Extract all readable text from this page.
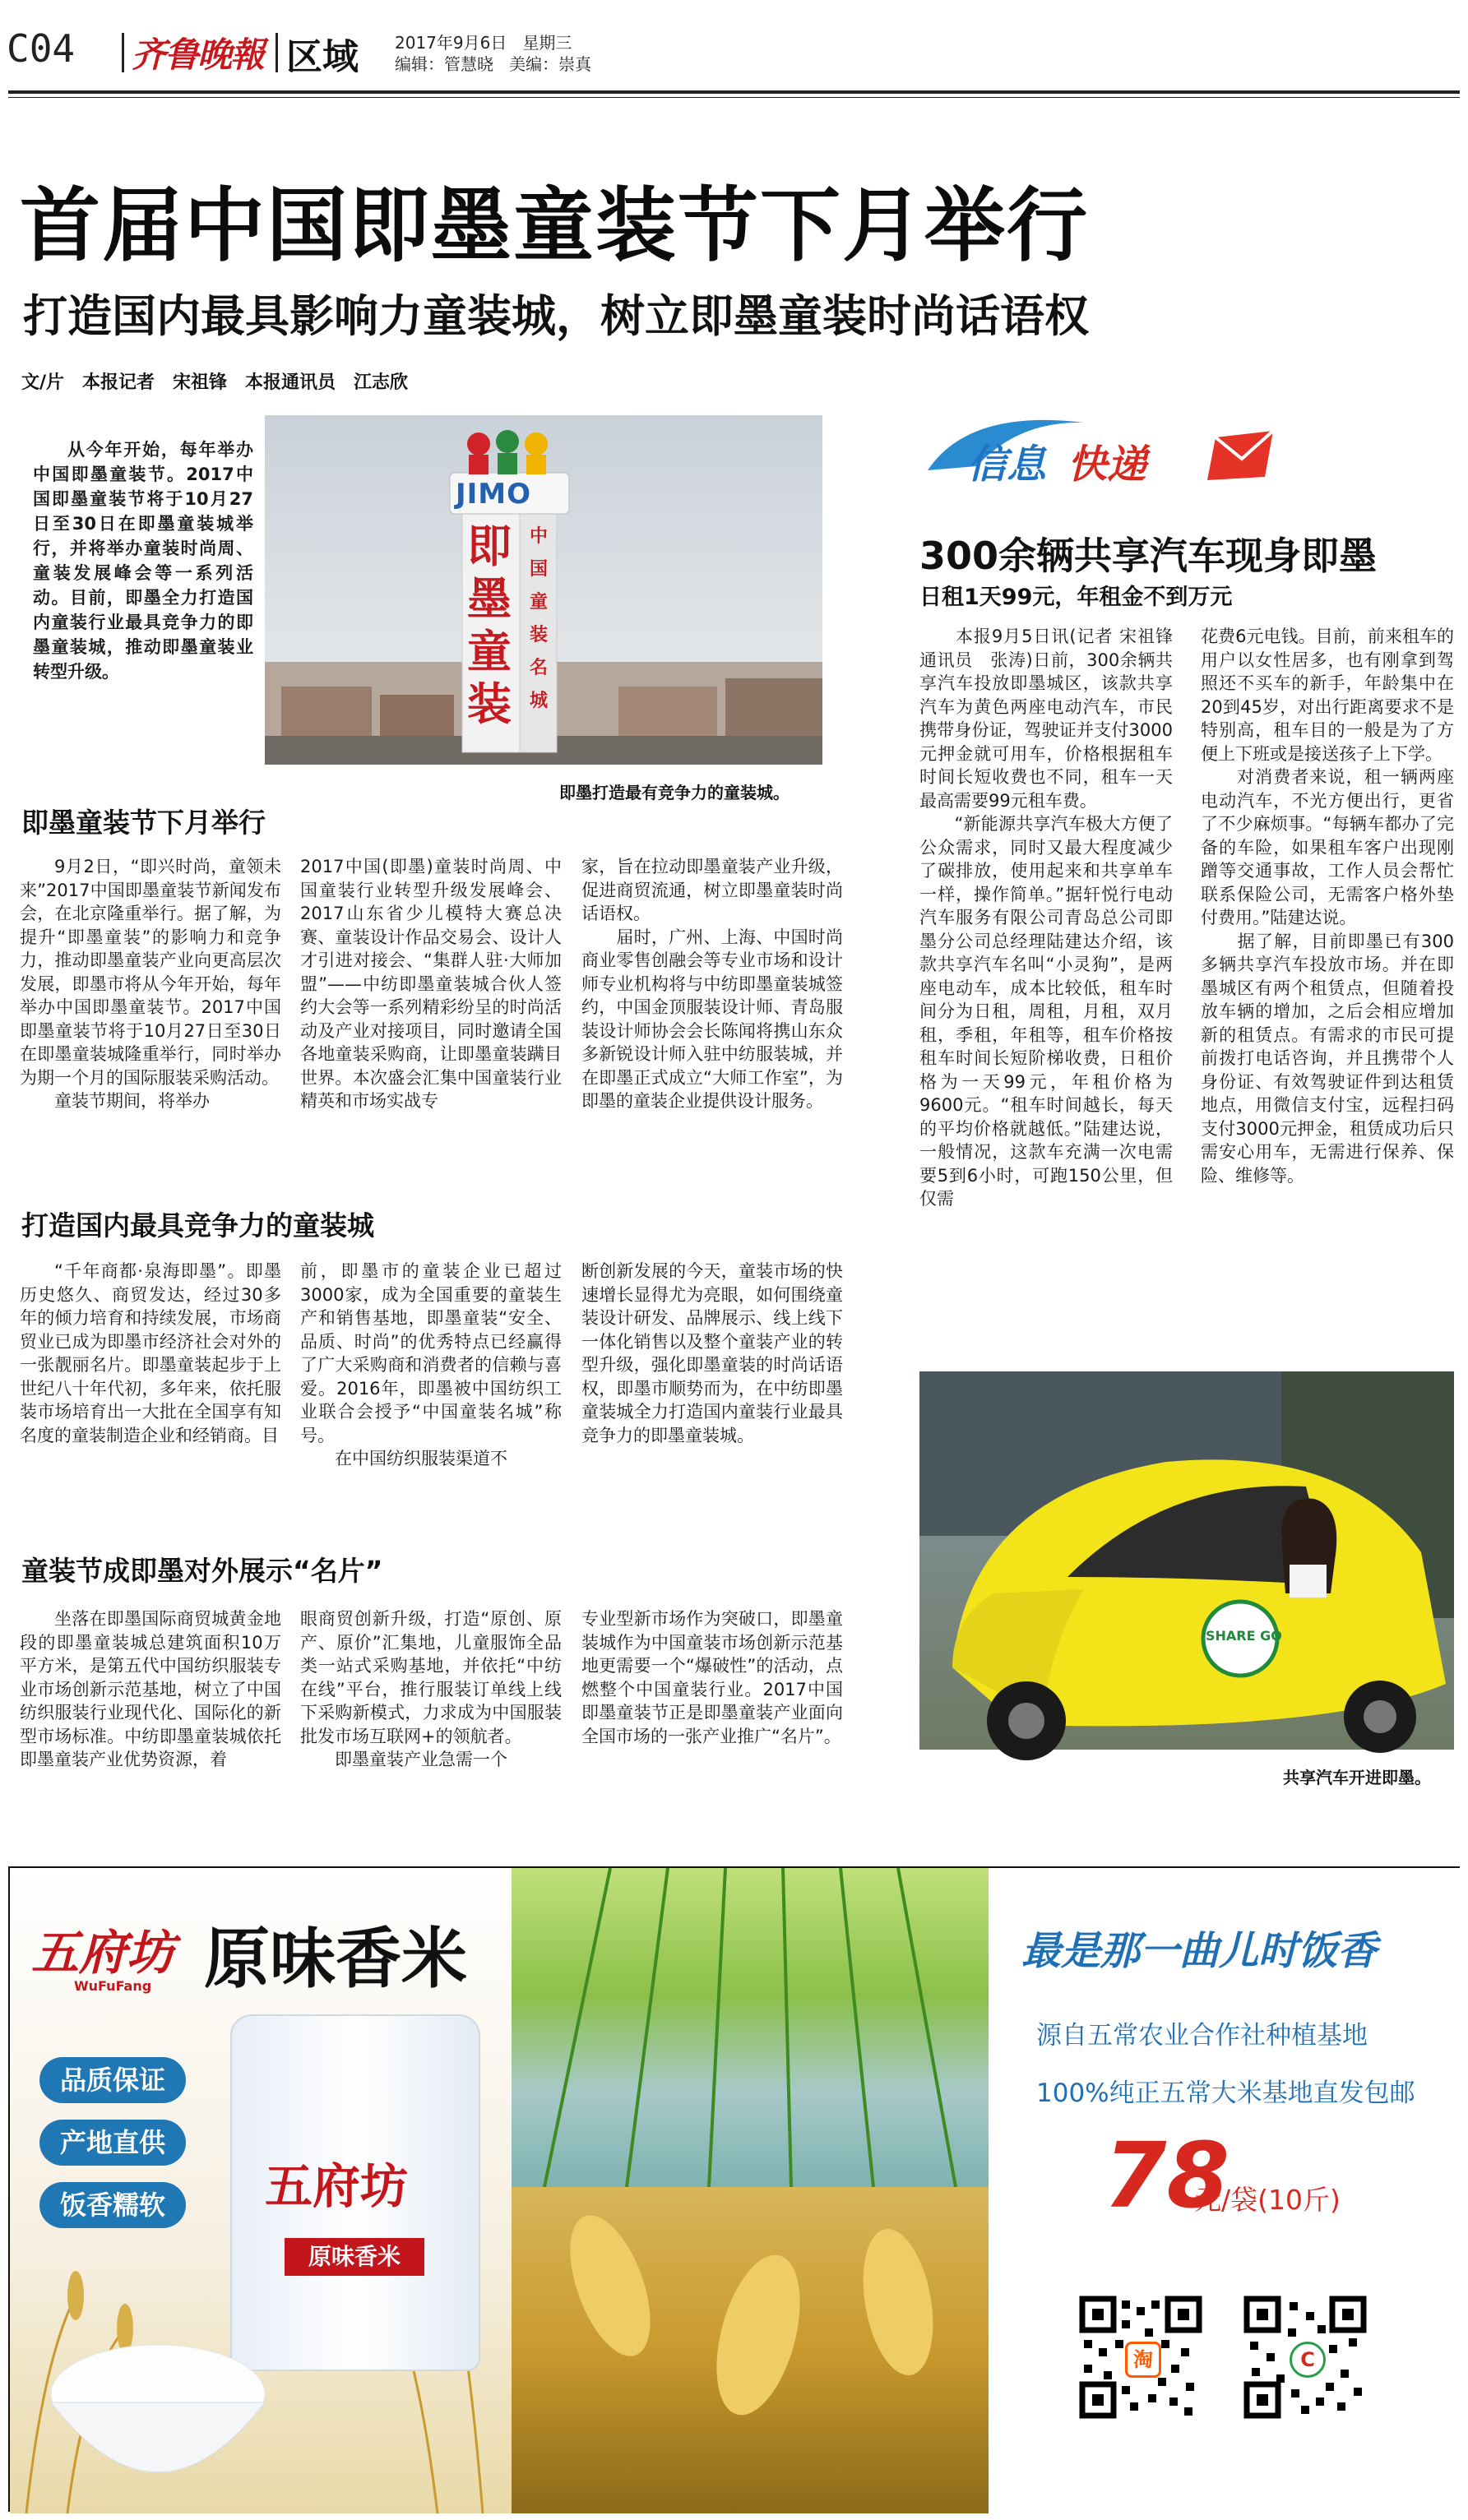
C04 齐鲁晚報 区域 2017年9月6日 星期三
编辑：管慧晓 美编：崇真
首届中国即墨童装节下月举行
打造国内最具影响力童装城，树立即墨童装时尚话语权
文/片　本报记者　宋祖锋　本报通讯员　江志欣
从今年开始，每年举办中国即墨童装节。2017中国即墨童装节将于10月27日至30日在即墨童装城举行，并将举办童装时尚周、童装发展峰会等一系列活动。目前，即墨全力打造国内童装行业最具竞争力的即墨童装城，推动即墨童装业转型升级。
JIMO
即墨童装
中国童装名城
即墨打造最有竞争力的童装城。
即墨童装节下月举行
9月2日，“即兴时尚，童领未来”2017中国即墨童装节新闻发布会，在北京隆重举行。据了解，为提升“即墨童装”的影响力和竞争力，推动即墨童装产业向更高层次发展，即墨市将从今年开始，每年举办中国即墨童装节。2017中国即墨童装节将于10月27日至30日在即墨童装城隆重举行，同时举办为期一个月的国际服装采购活动。
　　童装节期间，将举办
2017中国(即墨)童装时尚周、中国童装行业转型升级发展峰会、2017山东省少儿模特大赛总决赛、童装设计作品交易会、设计人才引进对接会、“集群人驻·大师加盟”——中纺即墨童装城合伙人签约大会等一系列精彩纷呈的时尚活动及产业对接项目，同时邀请全国各地童装采购商，让即墨童装蹒目世界。本次盛会汇集中国童装行业精英和市场实战专
家，旨在拉动即墨童装产业升级，促进商贸流通，树立即墨童装时尚话语权。
　　届时，广州、上海、中国时尚商业零售创融会等专业市场和设计师专业机构将与中纺即墨童装城签约，中国金顶服装设计师、青岛服装设计师协会会长陈闻将携山东众多新锐设计师入驻中纺服装城，并在即墨正式成立“大师工作室”，为即墨的童装企业提供设计服务。
打造国内最具竞争力的童装城
“千年商都·泉海即墨”。即墨历史悠久、商贸发达，经过30多年的倾力培育和持续发展，市场商贸业已成为即墨市经济社会对外的一张靓丽名片。即墨童装起步于上世纪八十年代初，多年来，依托服装市场培育出一大批在全国享有知名度的童装制造企业和经销商。目
前，即墨市的童装企业已超过3000家，成为全国重要的童装生产和销售基地，即墨童装“安全、品质、时尚”的优秀特点已经赢得了广大采购商和消费者的信赖与喜爱。2016年，即墨被中国纺织工业联合会授予“中国童装名城”称号。
　　在中国纺织服装渠道不
断创新发展的今天，童装市场的快速增长显得尤为亮眼，如何围绕童装设计研发、品牌展示、线上线下一体化销售以及整个童装产业的转型升级，强化即墨童装的时尚话语权，即墨市顺势而为，在中纺即墨童装城全力打造国内童装行业最具竞争力的即墨童装城。
童装节成即墨对外展示“名片”
坐落在即墨国际商贸城黄金地段的即墨童装城总建筑面积10万平方米，是第五代中国纺织服装专业市场创新示范基地，树立了中国纺织服装行业现代化、国际化的新型市场标准。中纺即墨童装城依托即墨童装产业优势资源，着
眼商贸创新升级，打造“原创、原产、原价”汇集地，儿童服饰全品类一站式采购基地，并依托“中纺在线”平台，推行服装订单线上线下采购新模式，力求成为中国服装批发市场互联网+的领航者。
　　即墨童装产业急需一个
专业型新市场作为突破口，即墨童装城作为中国童装市场创新示范基地更需要一个“爆破性”的活动，点燃整个中国童装行业。2017中国即墨童装节正是即墨童装产业面向全国市场的一张产业推广“名片”。
信息 快递
300余辆共享汽车现身即墨
日租1天99元，年租金不到万元
　　本报9月5日讯(记者 宋祖锋　通讯员　张涛)日前，300余辆共享汽车投放即墨城区，该款共享汽车为黄色两座电动汽车，市民携带身份证，驾驶证并支付3000元押金就可用车，价格根据租车时间长短收费也不同，租车一天最高需要99元租车费。
　　“新能源共享汽车极大方便了公众需求，同时又最大程度减少了碳排放，使用起来和共享单车一样，操作简单。”据轩悦行电动汽车服务有限公司青岛总公司即墨分公司总经理陆建达介绍，该款共享汽车名叫“小灵狗”，是两座电动车，成本比较低，租车时间分为日租，周租，月租，双月租，季租，年租等，租车价格按租车时间长短阶梯收费，日租价格为一天99元，年租价格为9600元。“租车时间越长，每天的平均价格就越低。”陆建达说，一般情况，这款车充满一次电需要5到6小时，可跑150公里，但仅需
花费6元电钱。目前，前来租车的用户以女性居多，也有刚拿到驾照还不买车的新手，年龄集中在20到45岁，对出行距离要求不是特别高，租车目的一般是为了方便上下班或是接送孩子上下学。
　　对消费者来说，租一辆两座电动汽车，不光方便出行，更省了不少麻烦事。“每辆车都办了完备的车险，如果租车客户出现刚蹭等交通事故，工作人员会帮忙联系保险公司，无需客户格外垫付费用。”陆建达说。
　　据了解，目前即墨已有300多辆共享汽车投放市场。并在即墨城区有两个租赁点，但随着投放车辆的增加，之后会相应增加新的租赁点。有需求的市民可提前拨打电话咨询，并且携带个人身份证、有效驾驶证件到达租赁地点，用微信支付宝，远程扫码支付3000元押金，租赁成功后只需安心用车，无需进行保养、保险、维修等。
SHARE GO
共享汽车开进即墨。
五府坊
WuFuFang 原味香米
品质保证
产地直供
饭香糯软	五府坊
原味香米
最是那一曲儿时饭香
源自五常农业合作社种植基地
100%纯正五常大米基地直发包邮
78
元/袋(10斤)
淘	C
